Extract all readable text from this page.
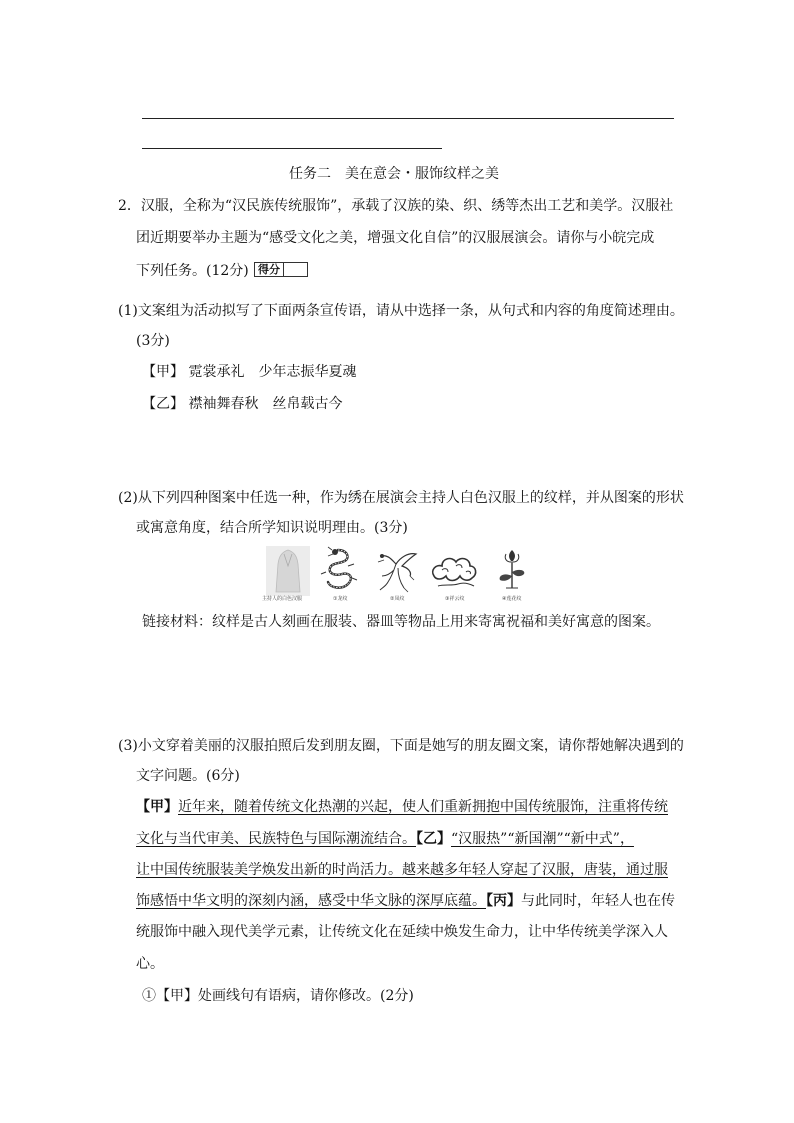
任务二　美在意会・服饰纹样之美
2．汉服，全称为“汉民族传统服饰”，承载了汉族的染、织、绣等杰出工艺和美学。汉服社
团近期要举办主题为“感受文化之美，增强文化自信”的汉服展演会。请你与小皖完成
下列任务。(12分) 得分
(1)文案组为活动拟写了下面两条宣传语，请从中选择一条，从句式和内容的角度简述理由。
(3分)
【甲】 霓裳承礼　少年志振华夏魂
【乙】 襟袖舞春秋　丝帛载古今
(2)从下列四种图案中任选一种，作为绣在展演会主持人白色汉服上的纹样，并从图案的形状
或寓意角度，结合所学知识说明理由。(3分)
主持人的白色汉服	①龙纹	②凤纹	③祥云纹	④莲花纹
链接材料：纹样是古人刻画在服装、器皿等物品上用来寄寓祝福和美好寓意的图案。
(3)小文穿着美丽的汉服拍照后发到朋友圈，下面是她写的朋友圈文案，请你帮她解决遇到的
文字问题。(6分)
【甲】近年来，随着传统文化热潮的兴起，使人们重新拥抱中国传统服饰，注重将传统
文化与当代审美、民族特色与国际潮流结合。【乙】“汉服热”“新国潮”“新中式”，
让中国传统服装美学焕发出新的时尚活力。越来越多年轻人穿起了汉服，唐装，通过服
饰感悟中华文明的深刻内涵，感受中华文脉的深厚底蕴。【丙】与此同时，年轻人也在传
统服饰中融入现代美学元素，让传统文化在延续中焕发生命力，让中华传统美学深入人
心。
①【甲】处画线句有语病，请你修改。(2分)
